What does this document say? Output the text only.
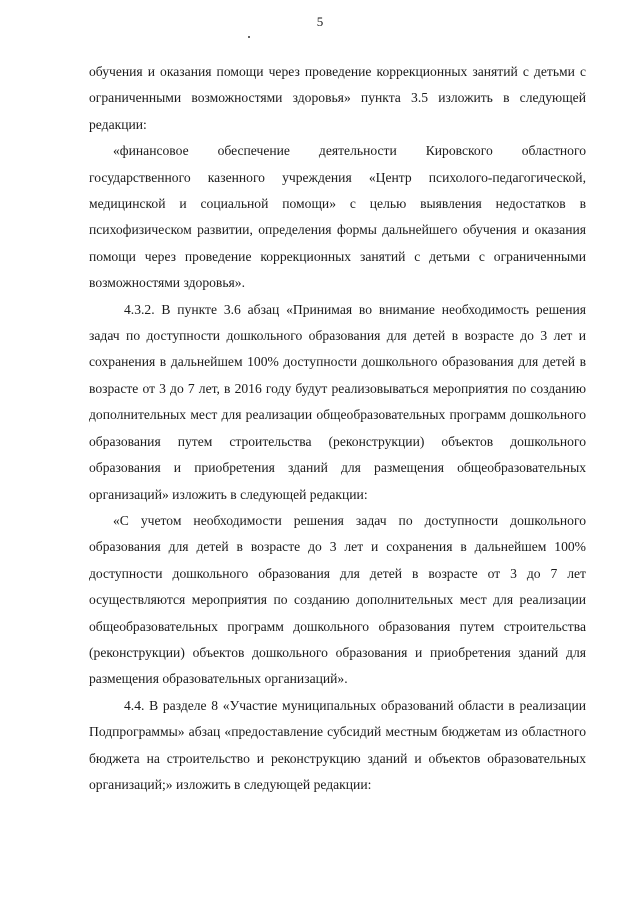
5

обучения и оказания помощи через проведение коррекционных занятий с детьми с ограниченными возможностями здоровья» пункта 3.5 изложить в следующей редакции:

«финансовое обеспечение деятельности Кировского областного государственного казенного учреждения «Центр психолого-педагогической, медицинской и социальной помощи» с целью выявления недостатков в психофизическом развитии, определения формы дальнейшего обучения и оказания помощи через проведение коррекционных занятий с детьми с ограниченными возможностями здоровья».

4.3.2. В пункте 3.6 абзац «Принимая во внимание необходимость решения задач по доступности дошкольного образования для детей в возрасте до 3 лет и сохранения в дальнейшем 100% доступности дошкольного образования для детей в возрасте от 3 до 7 лет, в 2016 году будут реализовываться мероприятия по созданию дополнительных мест для реализации общеобразовательных программ дошкольного образования путем строительства (реконструкции) объектов дошкольного образования и приобретения зданий для размещения общеобразовательных организаций» изложить в следующей редакции:

«С учетом необходимости решения задач по доступности дошкольного образования для детей в возрасте до 3 лет и сохранения в дальнейшем 100% доступности дошкольного образования для детей в возрасте от 3 до 7 лет осуществляются мероприятия по созданию дополнительных мест для реализации общеобразовательных программ дошкольного образования путем строительства (реконструкции) объектов дошкольного образования и приобретения зданий для размещения образовательных организаций».

4.4. В разделе 8 «Участие муниципальных образований области в реализации Подпрограммы» абзац «предоставление субсидий местным бюджетам из областного бюджета на строительство и реконструкцию зданий и объектов образовательных организаций;» изложить в следующей редакции:
